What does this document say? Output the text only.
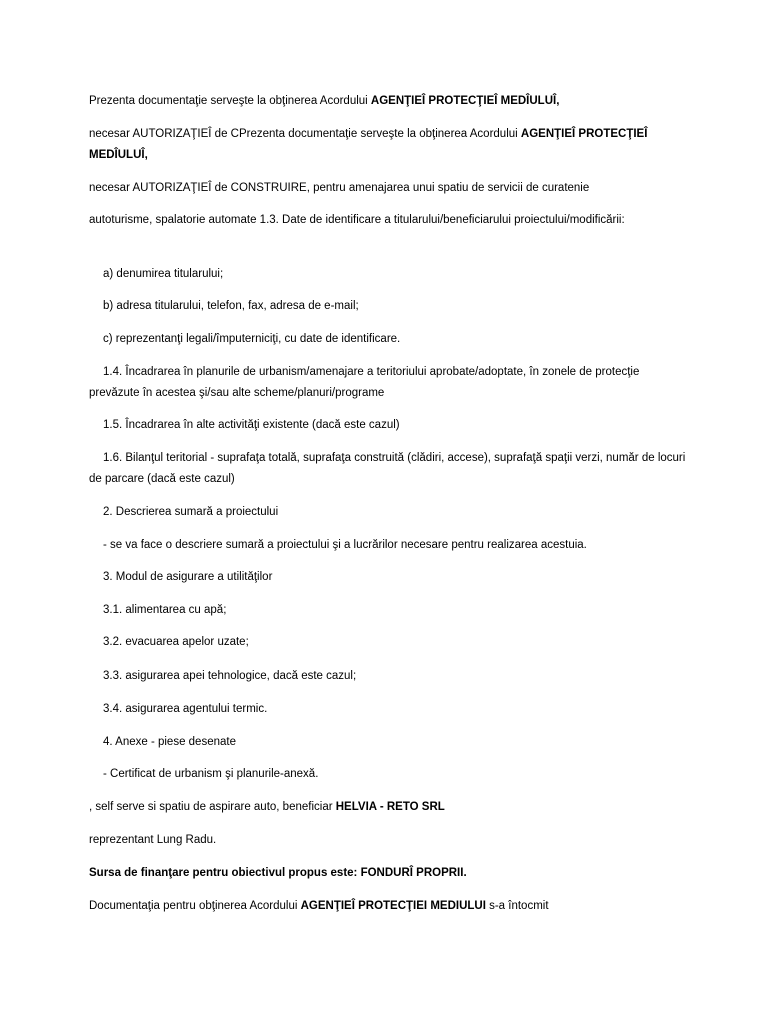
Prezenta documentaţie serveşte la obţinerea Acordului AGENŢIEÎ PROTECŢIEÎ MEDÎULUÎ,
necesar AUTORIZAŢIEÎ de CPrezenta documentaţie serveşte la obţinerea Acordului AGENŢIEÎ PROTECŢIEÎ MEDÎULUÎ,
necesar AUTORIZAŢIEÎ de CONSTRUIRE, pentru amenajarea unui spatiu de servicii de curatenie
autoturisme, spalatorie automate 1.3. Date de identificare a titularului/beneficiarului proiectului/modificării:
a) denumirea titularului;
b) adresa titularului, telefon, fax, adresa de e-mail;
c) reprezentanţi legali/împuterniciţi, cu date de identificare.
1.4. Încadrarea în planurile de urbanism/amenajare a teritoriului aprobate/adoptate, în zonele de protecţie prevăzute în acestea şi/sau alte scheme/planuri/programe
1.5. Încadrarea în alte activităţi existente (dacă este cazul)
1.6. Bilanţul teritorial - suprafaţa totală, suprafaţa construită (clădiri, accese), suprafaţă spaţii verzi, număr de locuri de parcare (dacă este cazul)
2. Descrierea sumară a proiectului
- se va face o descriere sumară a proiectului şi a lucrărilor necesare pentru realizarea acestuia.
3. Modul de asigurare a utilităţilor
3.1. alimentarea cu apă;
3.2. evacuarea apelor uzate;
3.3. asigurarea apei tehnologice, dacă este cazul;
3.4. asigurarea agentului termic.
4. Anexe - piese desenate
- Certificat de urbanism şi planurile-anexă.
, self serve si spatiu de aspirare auto, beneficiar HELVIA - RETO SRL
reprezentant Lung Radu.
Sursa de finanţare pentru obiectivul propus este: FONDURÎ PROPRII.
Documentaţia pentru obţinerea Acordului AGENŢIEÎ PROTECŢIEI MEDIULUI s-a întocmit
